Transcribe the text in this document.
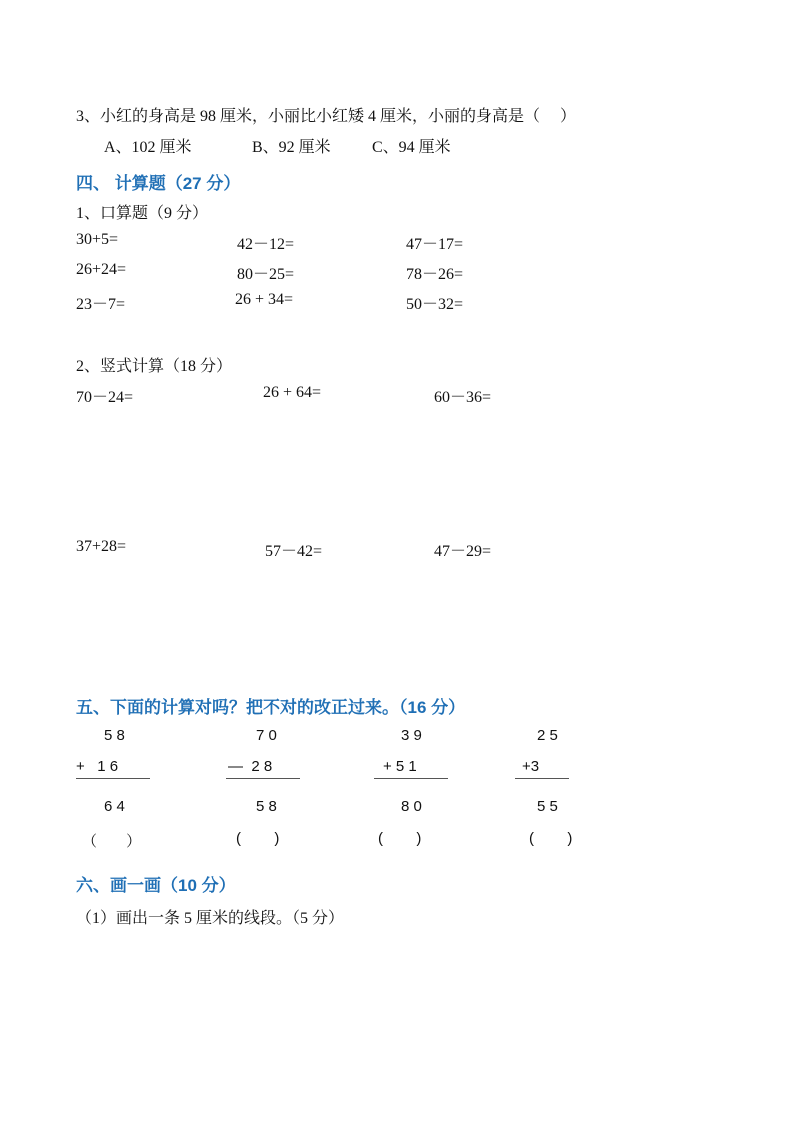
3、小红的身高是 98 厘米，小丽比小红矮 4 厘米，小丽的身高是（     ）
A、102 厘米	B、92 厘米	C、94 厘米
四、 计算题（27 分）
1、口算题（9 分）
30+5=	42－12=	47－17=
26+24=	80－25=	78－26=
23－7=	26 + 34=	50－32=
2、竖式计算（18 分）
70－24=	26 + 64=	60－36=
37+28=	57－42=	47－29=
五、下面的计算对吗？把不对的改正过来。（16 分）
5 8
+   1 6
6 4
（       ）
7 0
—  2 8
5 8
(        )
3 9
+ 5 1
8 0
(        )
2 5
+3
5 5
(        )
六、画一画（10 分）
（1）画出一条 5 厘米的线段。（5 分）
